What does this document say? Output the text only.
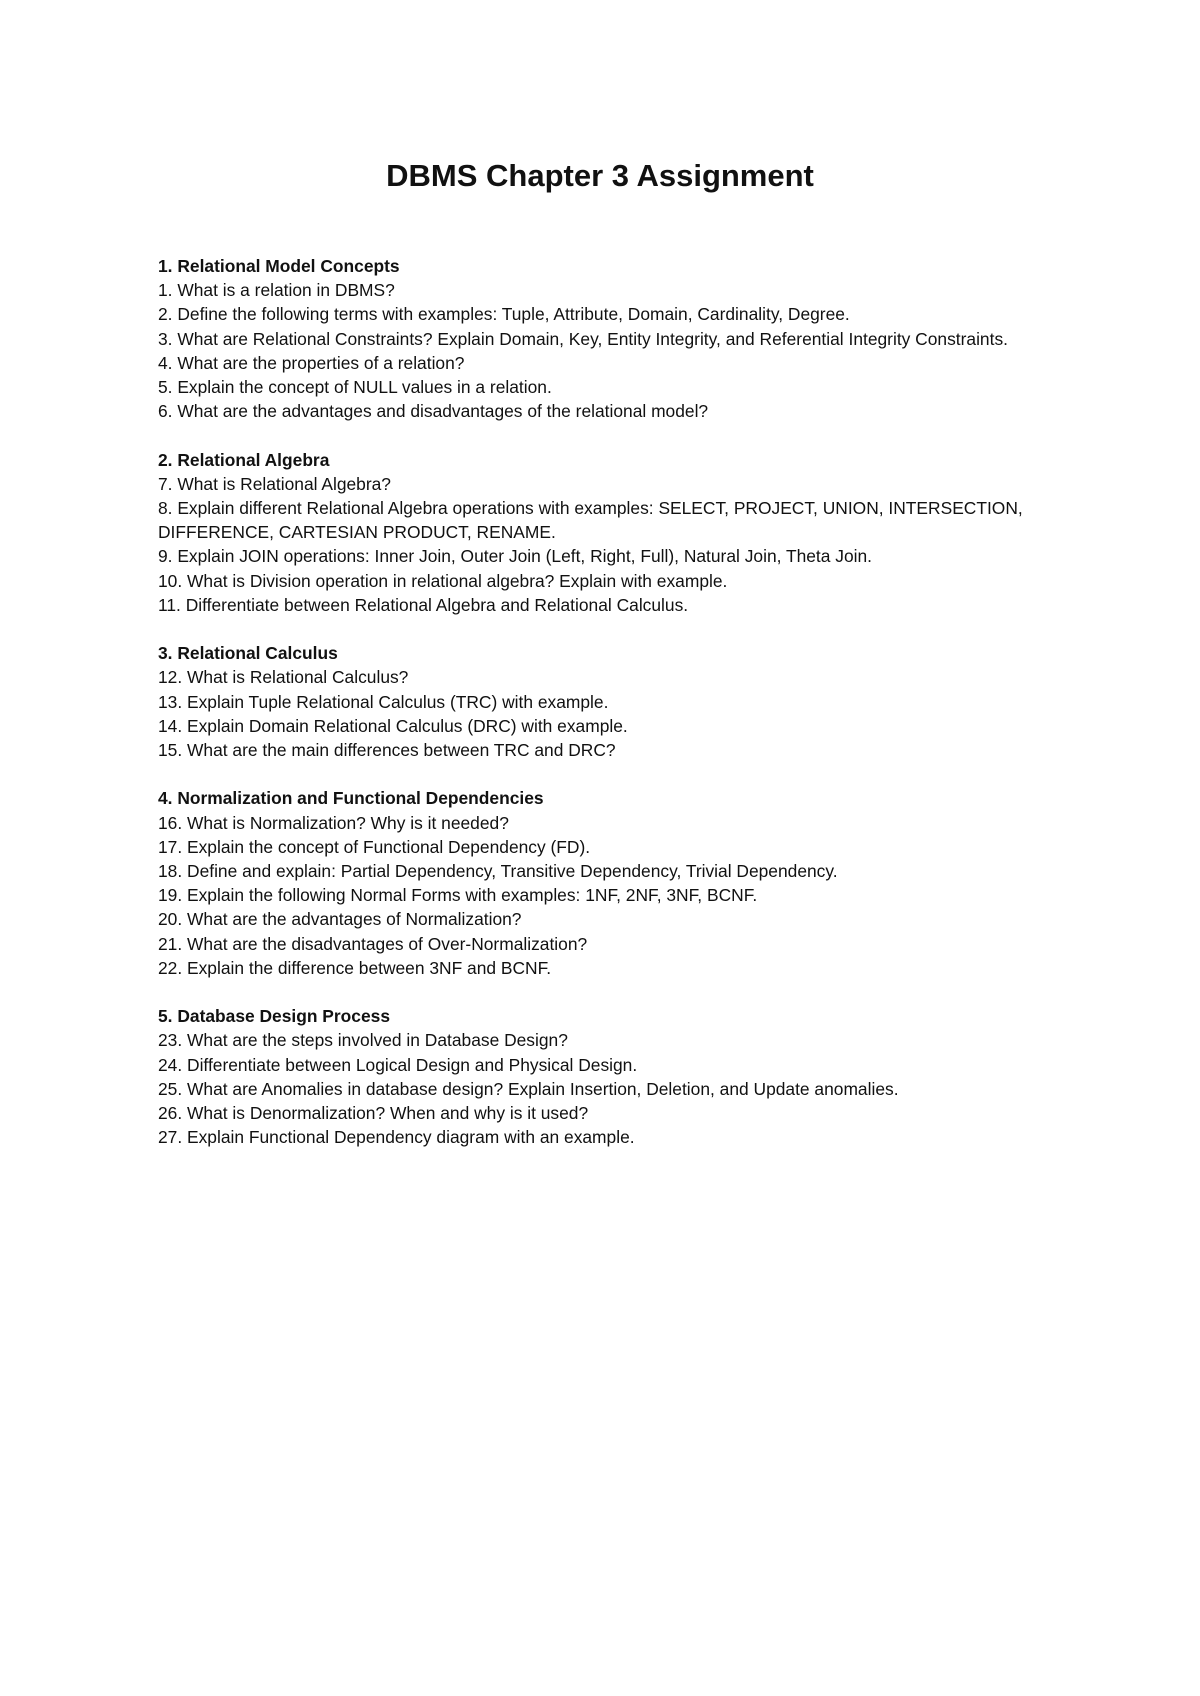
DBMS Chapter 3 Assignment

1. Relational Model Concepts

1. What is a relation in DBMS?

2. Define the following terms with examples: Tuple, Attribute, Domain, Cardinality, Degree.

3. What are Relational Constraints? Explain Domain, Key, Entity Integrity, and Referential Integrity Constraints.

4. What are the properties of a relation?

5. Explain the concept of NULL values in a relation.

6. What are the advantages and disadvantages of the relational model?

2. Relational Algebra

7. What is Relational Algebra?

8. Explain different Relational Algebra operations with examples: SELECT, PROJECT, UNION, INTERSECTION, DIFFERENCE, CARTESIAN PRODUCT, RENAME.

9. Explain JOIN operations: Inner Join, Outer Join (Left, Right, Full), Natural Join, Theta Join.

10. What is Division operation in relational algebra? Explain with example.

11. Differentiate between Relational Algebra and Relational Calculus.

3. Relational Calculus

12. What is Relational Calculus?

13. Explain Tuple Relational Calculus (TRC) with example.

14. Explain Domain Relational Calculus (DRC) with example.

15. What are the main differences between TRC and DRC?

4. Normalization and Functional Dependencies

16. What is Normalization? Why is it needed?

17. Explain the concept of Functional Dependency (FD).

18. Define and explain: Partial Dependency, Transitive Dependency, Trivial Dependency.

19. Explain the following Normal Forms with examples: 1NF, 2NF, 3NF, BCNF.

20. What are the advantages of Normalization?

21. What are the disadvantages of Over-Normalization?

22. Explain the difference between 3NF and BCNF.

5. Database Design Process

23. What are the steps involved in Database Design?

24. Differentiate between Logical Design and Physical Design.

25. What are Anomalies in database design? Explain Insertion, Deletion, and Update anomalies.

26. What is Denormalization? When and why is it used?

27. Explain Functional Dependency diagram with an example.
